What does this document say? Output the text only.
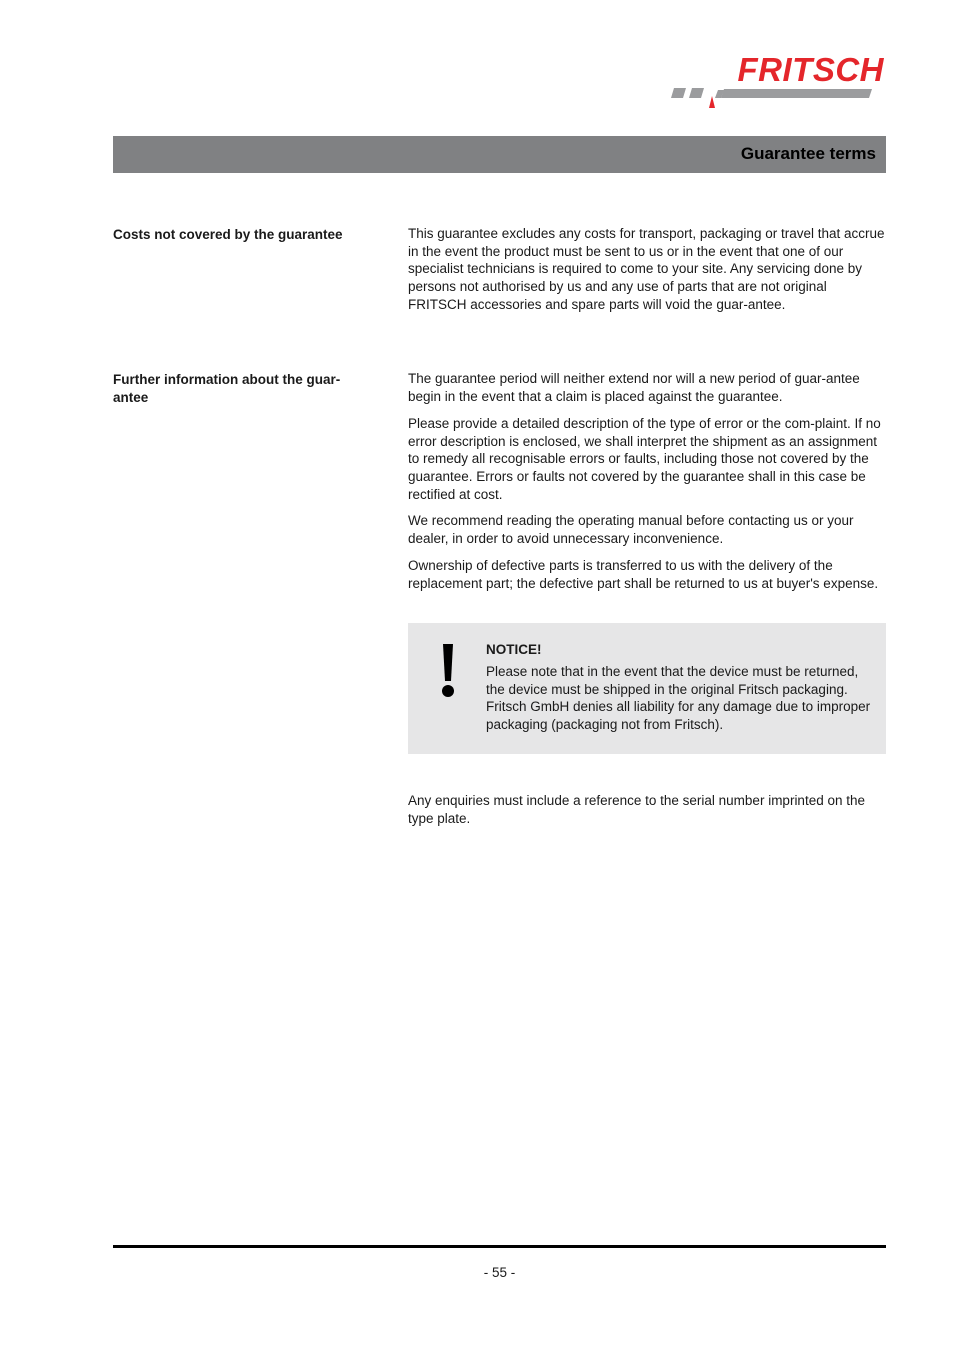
FRITSCH
Guarantee terms
Costs not covered by the guarantee	This guarantee excludes any costs for transport, packaging or travel that accrue in the event the product must be sent to us or in the event that one of our specialist technicians is required to come to your site. Any servicing done by persons not authorised by us and any use of parts that are not original FRITSCH accessories and spare parts will void the guar-antee.

Further information about the guar-antee

The guarantee period will neither extend nor will a new period of guar-antee begin in the event that a claim is placed against the guarantee.

Please provide a detailed description of the type of error or the com-plaint. If no error description is enclosed, we shall interpret the shipment as an assignment to remedy all recognisable errors or faults, including those not covered by the guarantee. Errors or faults not covered by the guarantee shall in this case be rectified at cost.

We recommend reading the operating manual before contacting us or your dealer, in order to avoid unnecessary inconvenience.

Ownership of defective parts is transferred to us with the delivery of the replacement part; the defective part shall be returned to us at buyer's expense.

NOTICE!

Please note that in the event that the device must be returned, the device must be shipped in the original Fritsch packaging. Fritsch GmbH denies all liability for any damage due to improper packaging (packaging not from Fritsch).

Any enquiries must include a reference to the serial number imprinted on the type plate.

- 55 -
